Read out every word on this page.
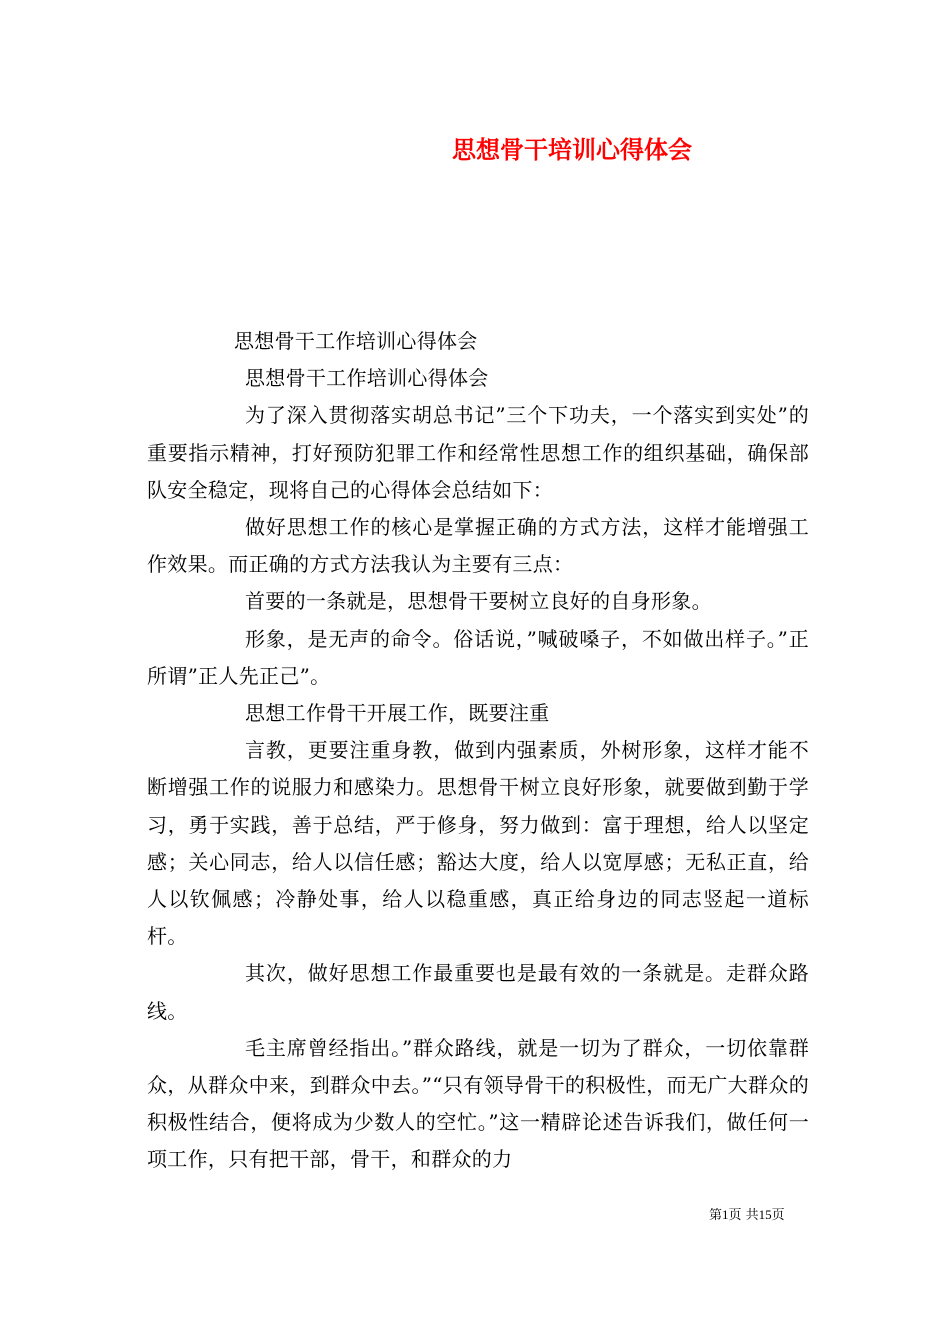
思想骨干培训心得体会

思想骨干工作培训心得体会

思想骨干工作培训心得体会

为了深入贯彻落实胡总书记”三个下功夫，一个落实到实处”的重要指示精神，打好预防犯罪工作和经常性思想工作的组织基础，确保部队安全稳定，现将自己的心得体会总结如下：

做好思想工作的核心是掌握正确的方式方法，这样才能增强工作效果。而正确的方式方法我认为主要有三点：

首要的一条就是，思想骨干要树立良好的自身形象。

形象，是无声的命令。俗话说，”喊破嗓子，不如做出样子。”正所谓”正人先正己”。

思想工作骨干开展工作，既要注重

言教，更要注重身教，做到内强素质，外树形象，这样才能不断增强工作的说服力和感染力。思想骨干树立良好形象，就要做到勤于学习，勇于实践，善于总结，严于修身，努力做到：富于理想，给人以坚定感；关心同志，给人以信任感；豁达大度，给人以宽厚感；无私正直，给人以钦佩感；冷静处事，给人以稳重感，真正给身边的同志竖起一道标杆。

其次，做好思想工作最重要也是最有效的一条就是。走群众路线。

毛主席曾经指出。”群众路线，就是一切为了群众，一切依靠群众，从群众中来，到群众中去。”“只有领导骨干的积极性，而无广大群众的积极性结合，便将成为少数人的空忙。”这一精辟论述告诉我们，做任何一项工作，只有把干部，骨干，和群众的力

第1页 共15页
